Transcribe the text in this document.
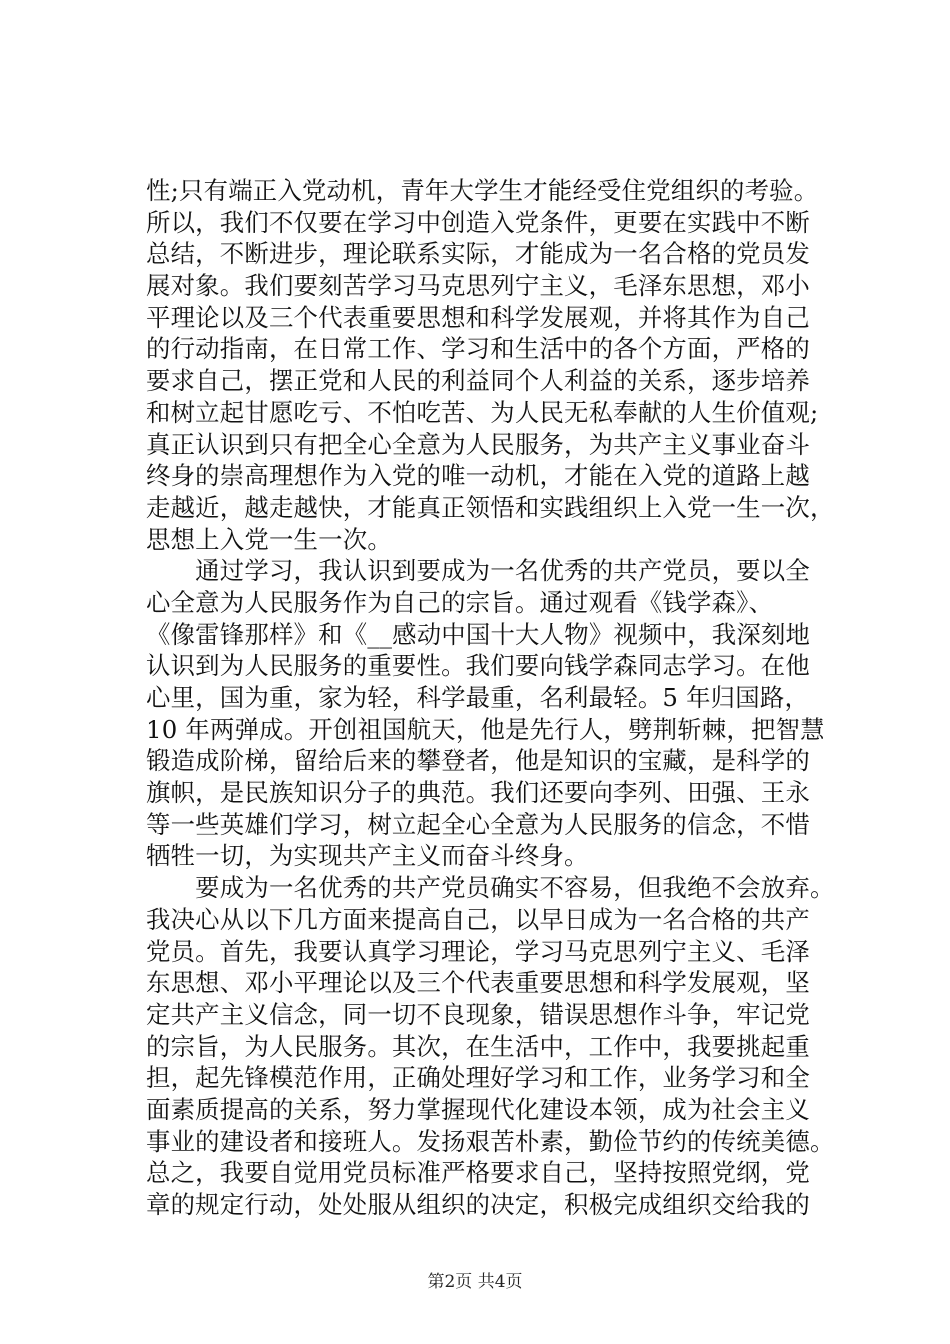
性;只有端正入党动机，青年大学生才能经受住党组织的考验。
所以，我们不仅要在学习中创造入党条件，更要在实践中不断
总结，不断进步，理论联系实际，才能成为一名合格的党员发
展对象。我们要刻苦学习马克思列宁主义，毛泽东思想，邓小
平理论以及三个代表重要思想和科学发展观，并将其作为自己
的行动指南，在日常工作、学习和生活中的各个方面，严格的
要求自己，摆正党和人民的利益同个人利益的关系，逐步培养
和树立起甘愿吃亏、不怕吃苦、为人民无私奉献的人生价值观;
真正认识到只有把全心全意为人民服务，为共产主义事业奋斗
终身的崇高理想作为入党的唯一动机，才能在入党的道路上越
走越近，越走越快，才能真正领悟和实践组织上入党一生一次，
思想上入党一生一次。
　　通过学习，我认识到要成为一名优秀的共产党员，要以全
心全意为人民服务作为自己的宗旨。通过观看《钱学森》、
《像雷锋那样》和《__感动中国十大人物》视频中，我深刻地
认识到为人民服务的重要性。我们要向钱学森同志学习。在他
心里，国为重，家为轻，科学最重，名利最轻。5 年归国路，
10 年两弹成。开创祖国航天，他是先行人，劈荆斩棘，把智慧
锻造成阶梯，留给后来的攀登者，他是知识的宝藏，是科学的
旗帜，是民族知识分子的典范。我们还要向李列、田强、王永
等一些英雄们学习，树立起全心全意为人民服务的信念，不惜
牺牲一切，为实现共产主义而奋斗终身。
　　要成为一名优秀的共产党员确实不容易，但我绝不会放弃。
我决心从以下几方面来提高自己，以早日成为一名合格的共产
党员。首先，我要认真学习理论，学习马克思列宁主义、毛泽
东思想、邓小平理论以及三个代表重要思想和科学发展观，坚
定共产主义信念，同一切不良现象，错误思想作斗争，牢记党
的宗旨，为人民服务。其次，在生活中，工作中，我要挑起重
担，起先锋模范作用，正确处理好学习和工作，业务学习和全
面素质提高的关系，努力掌握现代化建设本领，成为社会主义
事业的建设者和接班人。发扬艰苦朴素，勤俭节约的传统美德。
总之，我要自觉用党员标准严格要求自己，坚持按照党纲，党
章的规定行动，处处服从组织的决定，积极完成组织交给我的
第2页 共4页
